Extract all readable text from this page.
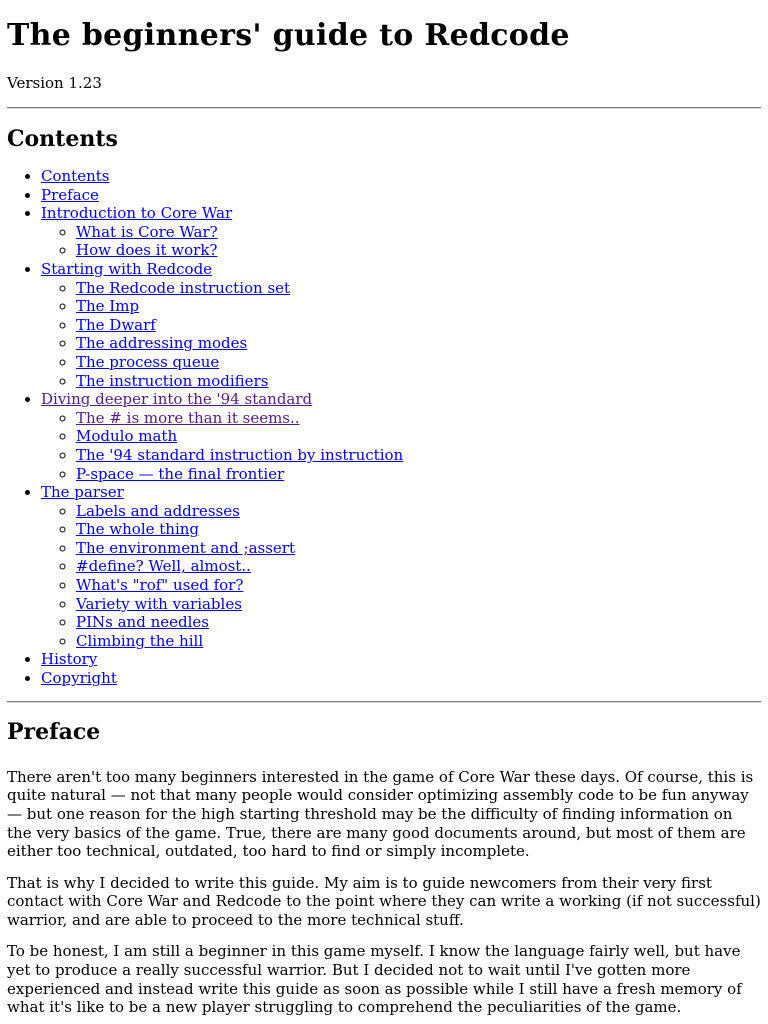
The beginners' guide to Redcode

Version 1.23

Contents
• Contents
• Preface
• Introduction to Core War
◦ What is Core War?
◦ How does it work?
• Starting with Redcode
◦ The Redcode instruction set
◦ The Imp
◦ The Dwarf
◦ The addressing modes
◦ The process queue
◦ The instruction modifiers
• Diving deeper into the '94 standard
◦ The # is more than it seems..
◦ Modulo math
◦ The '94 standard instruction by instruction
◦ P-space — the final frontier
• The parser
◦ Labels and addresses
◦ The whole thing
◦ The environment and ;assert
◦ #define? Well, almost..
◦ What's "rof" used for?
◦ Variety with variables
◦ PINs and needles
◦ Climbing the hill
• History
• Copyright
Preface

There aren't too many beginners interested in the game of Core War these days. Of course, this is quite natural — not that many people would consider optimizing assembly code to be fun anyway — but one reason for the high starting threshold may be the difficulty of finding information on the very basics of the game. True, there are many good documents around, but most of them are either too technical, outdated, too hard to find or simply incomplete.

That is why I decided to write this guide. My aim is to guide newcomers from their very first contact with Core War and Redcode to the point where they can write a working (if not successful) warrior, and are able to proceed to the more technical stuff.

To be honest, I am still a beginner in this game myself. I know the language fairly well, but have yet to produce a really successful warrior. But I decided not to wait until I've gotten more experienced and instead write this guide as soon as possible while I still have a fresh memory of what it's like to be a new player struggling to comprehend the peculiarities of the game.
